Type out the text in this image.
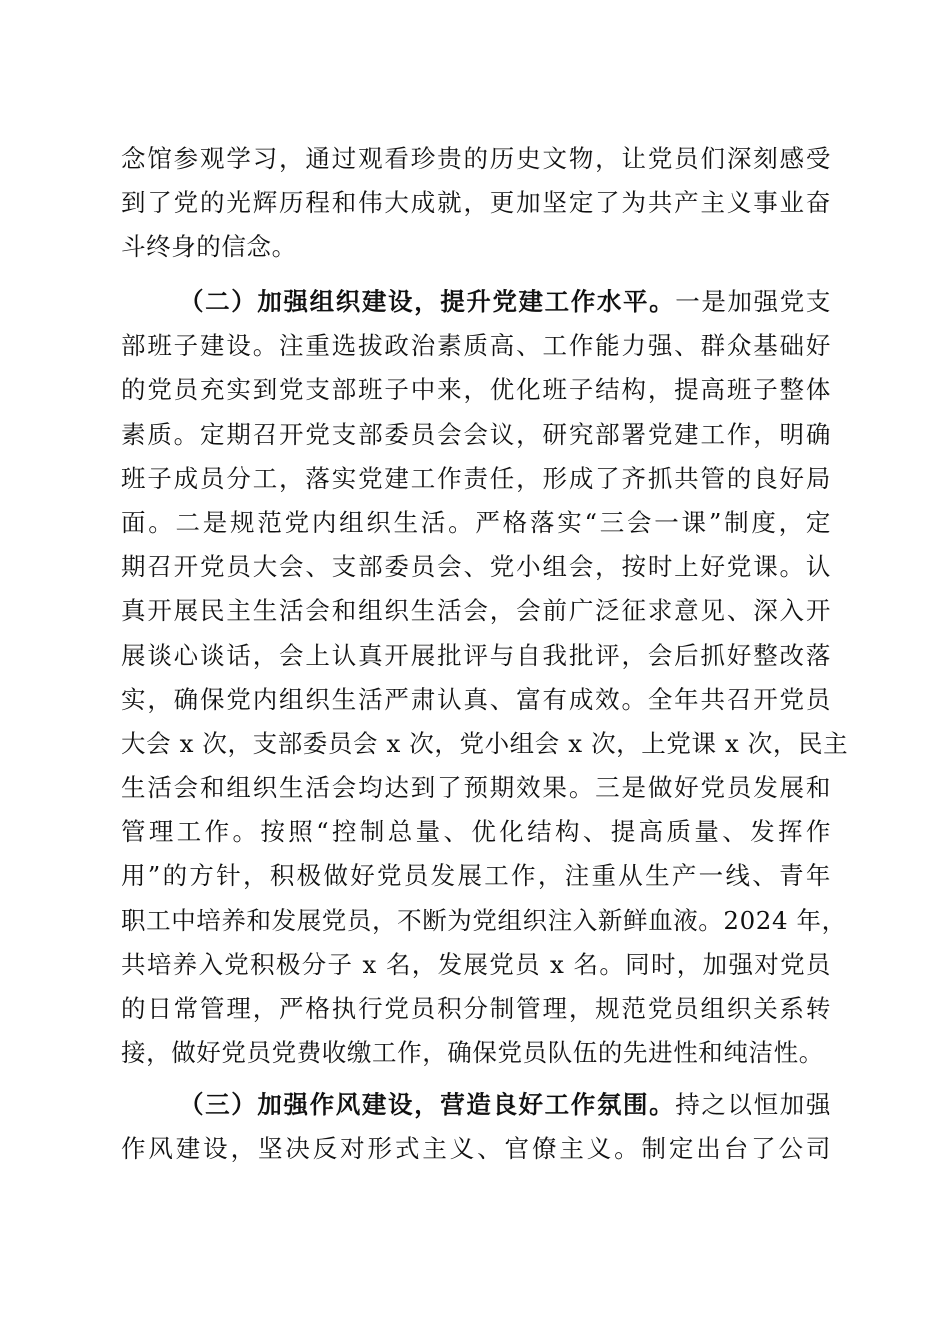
念馆参观学习，通过观看珍贵的历史文物，让党员们深刻感受
到了党的光辉历程和伟大成就，更加坚定了为共产主义事业奋
斗终身的信念。
（二）加强组织建设，提升党建工作水平。一是加强党支
部班子建设。注重选拔政治素质高、工作能力强、群众基础好
的党员充实到党支部班子中来，优化班子结构，提高班子整体
素质。定期召开党支部委员会会议，研究部署党建工作，明确
班子成员分工，落实党建工作责任，形成了齐抓共管的良好局
面。二是规范党内组织生活。严格落实“三会一课”制度，定
期召开党员大会、支部委员会、党小组会，按时上好党课。认
真开展民主生活会和组织生活会，会前广泛征求意见、深入开
展谈心谈话，会上认真开展批评与自我批评，会后抓好整改落
实，确保党内组织生活严肃认真、富有成效。全年共召开党员
大会 x 次，支部委员会 x 次，党小组会 x 次，上党课 x 次，民主
生活会和组织生活会均达到了预期效果。三是做好党员发展和
管理工作。按照“控制总量、优化结构、提高质量、发挥作
用”的方针，积极做好党员发展工作，注重从生产一线、青年
职工中培养和发展党员，不断为党组织注入新鲜血液。2024 年，
共培养入党积极分子 x 名，发展党员 x 名。同时，加强对党员
的日常管理，严格执行党员积分制管理，规范党员组织关系转
接，做好党员党费收缴工作，确保党员队伍的先进性和纯洁性。
（三）加强作风建设，营造良好工作氛围。持之以恒加强
作风建设，坚决反对形式主义、官僚主义。制定出台了公司
